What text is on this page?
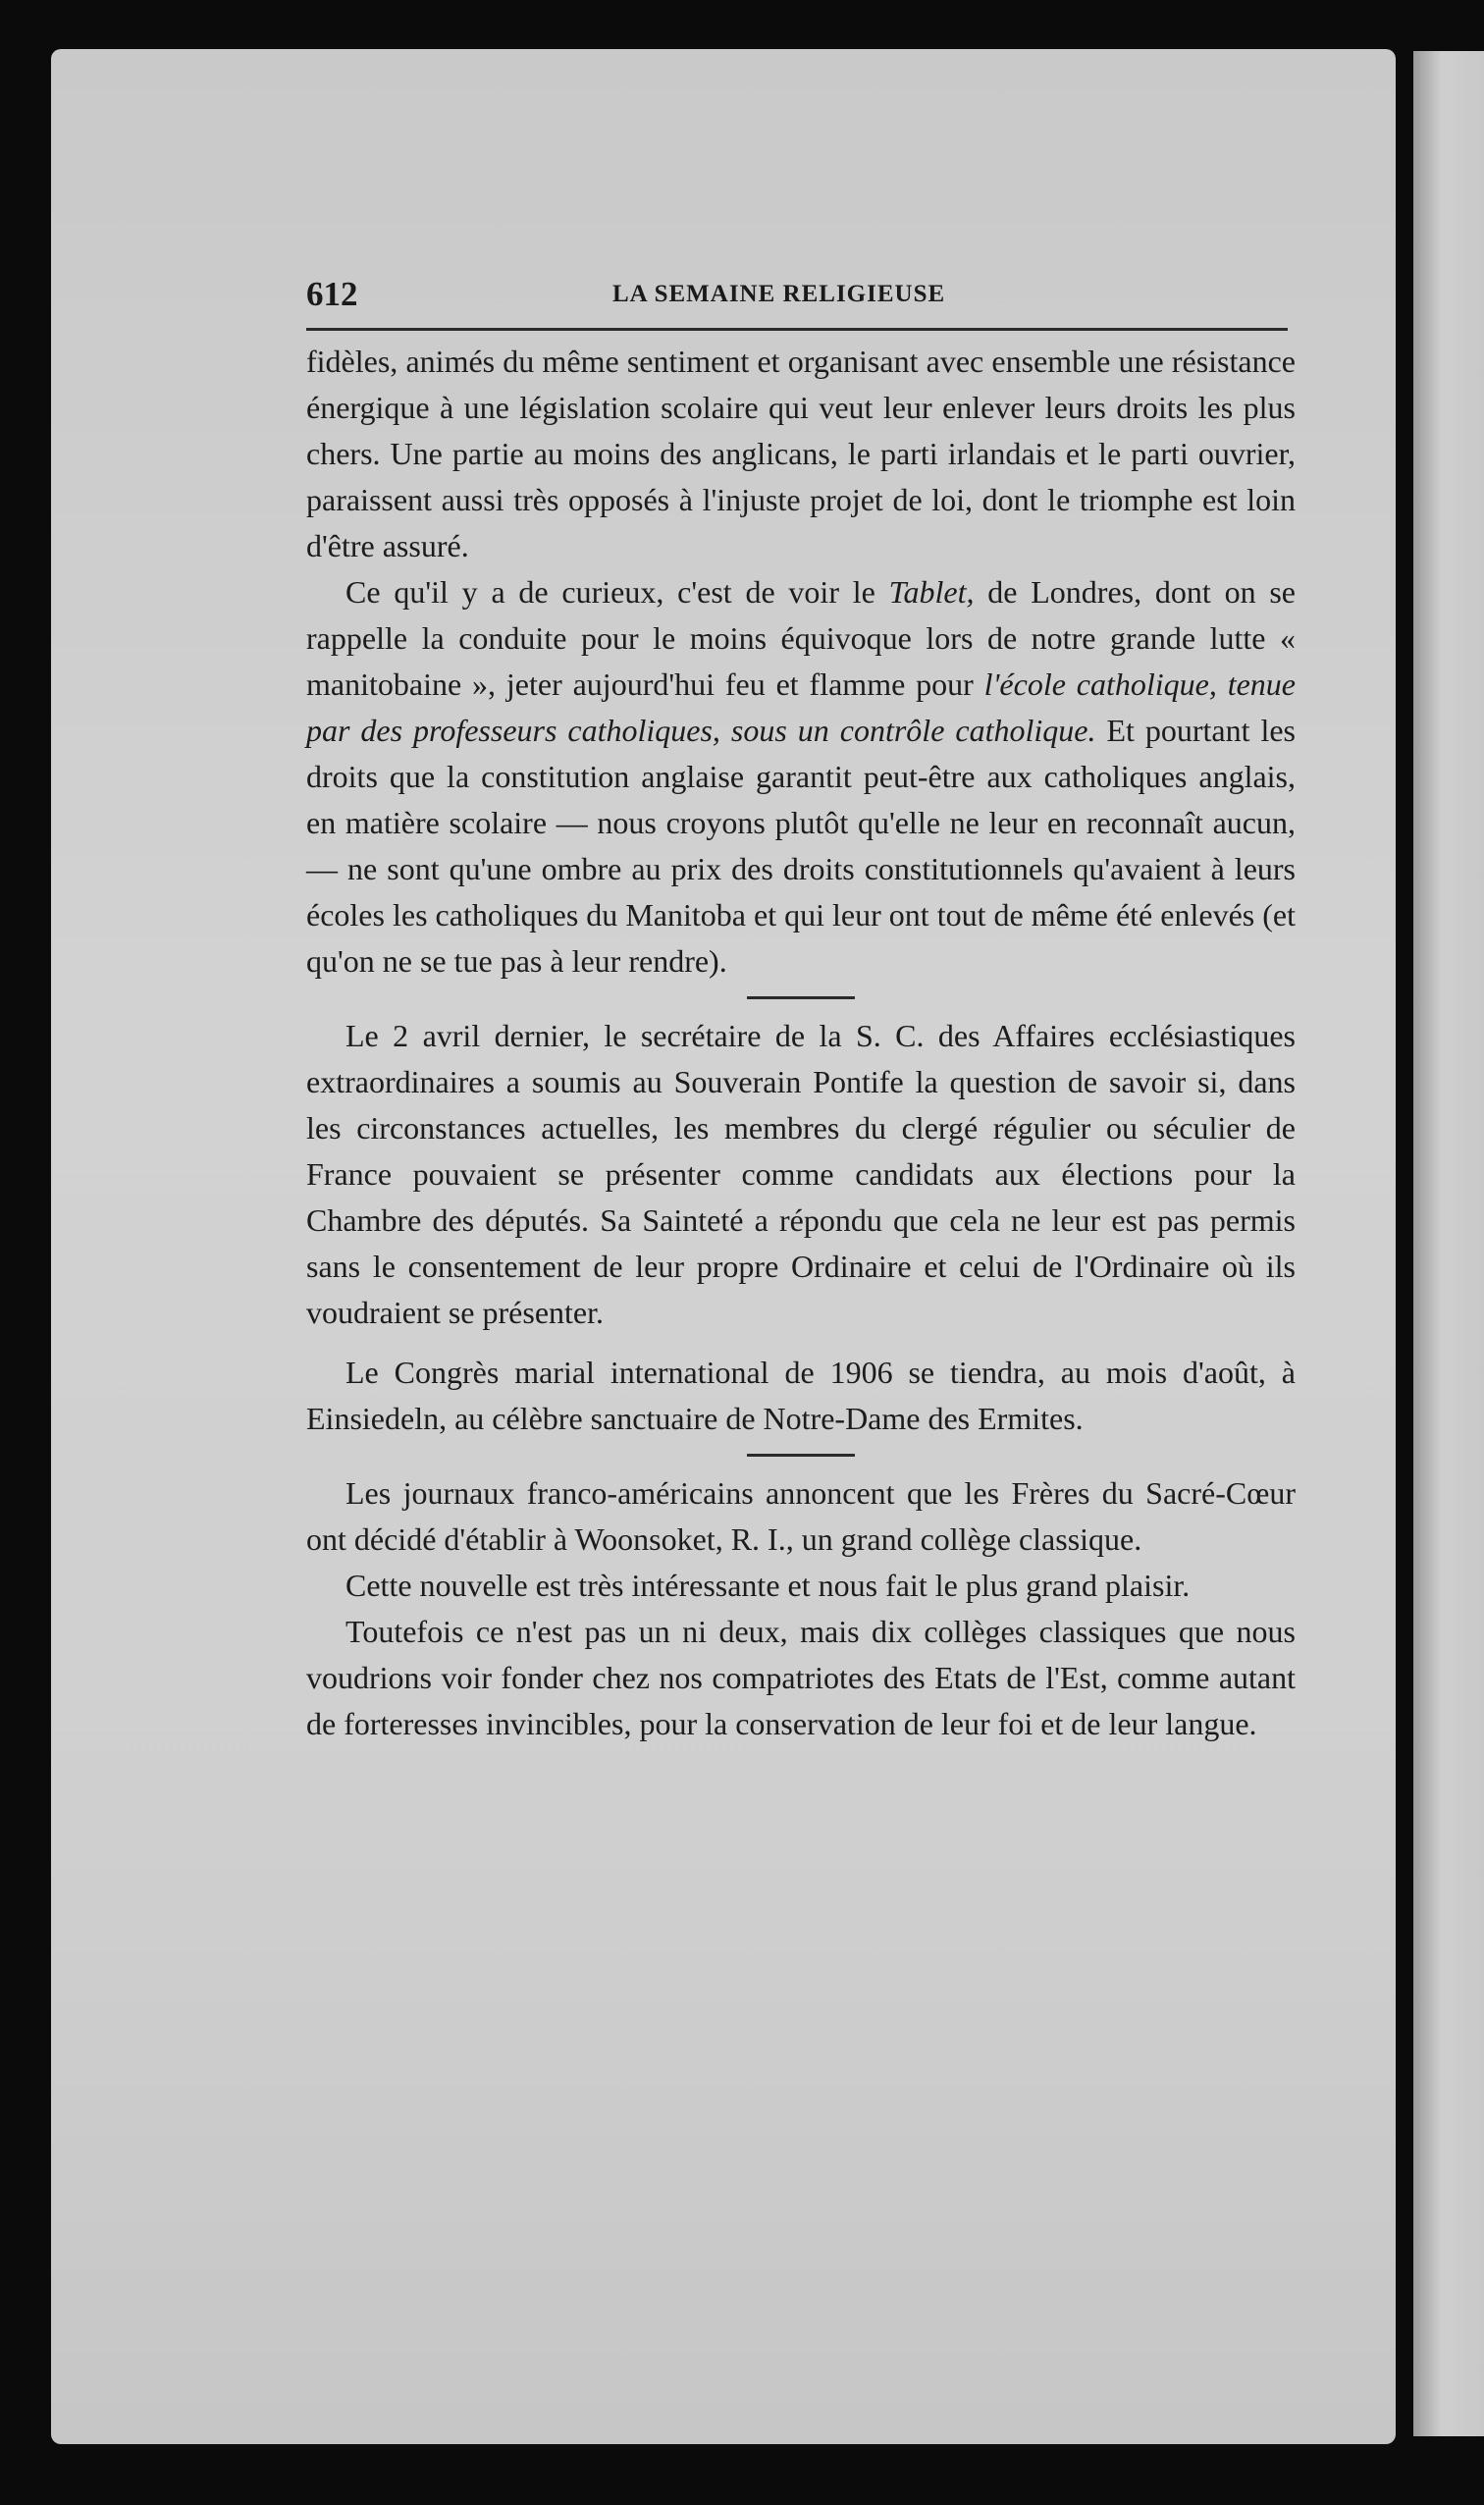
612	LA SEMAINE RELIGIEUSE

fidèles, animés du même sentiment et organisant avec ensemble une résistance énergique à une législation scolaire qui veut leur enlever leurs droits les plus chers. Une partie au moins des anglicans, le parti irlandais et le parti ouvrier, paraissent aussi très opposés à l'injuste projet de loi, dont le triomphe est loin d'être assuré.

Ce qu'il y a de curieux, c'est de voir le Tablet, de Londres, dont on se rappelle la conduite pour le moins équivoque lors de notre grande lutte « manitobaine », jeter aujourd'hui feu et flamme pour l'école catholique, tenue par des professeurs catholiques, sous un contrôle catholique. Et pourtant les droits que la constitution anglaise garantit peut-être aux catholiques anglais, en matière scolaire — nous croyons plutôt qu'elle ne leur en reconnaît aucun, — ne sont qu'une ombre au prix des droits constitutionnels qu'avaient à leurs écoles les catholiques du Manitoba et qui leur ont tout de même été enlevés (et qu'on ne se tue pas à leur rendre).

Le 2 avril dernier, le secrétaire de la S. C. des Affaires ecclésiastiques extraordinaires a soumis au Souverain Pontife la question de savoir si, dans les circonstances actuelles, les membres du clergé régulier ou séculier de France pouvaient se présenter comme candidats aux élections pour la Chambre des députés. Sa Sainteté a répondu que cela ne leur est pas permis sans le consentement de leur propre Ordinaire et celui de l'Ordinaire où ils voudraient se présenter.

Le Congrès marial international de 1906 se tiendra, au mois d'août, à Einsiedeln, au célèbre sanctuaire de Notre-Dame des Ermites.

Les journaux franco-américains annoncent que les Frères du Sacré-Cœur ont décidé d'établir à Woonsoket, R. I., un grand collège classique.

Cette nouvelle est très intéressante et nous fait le plus grand plaisir.

Toutefois ce n'est pas un ni deux, mais dix collèges classiques que nous voudrions voir fonder chez nos compatriotes des Etats de l'Est, comme autant de forteresses invincibles, pour la conservation de leur foi et de leur langue.
